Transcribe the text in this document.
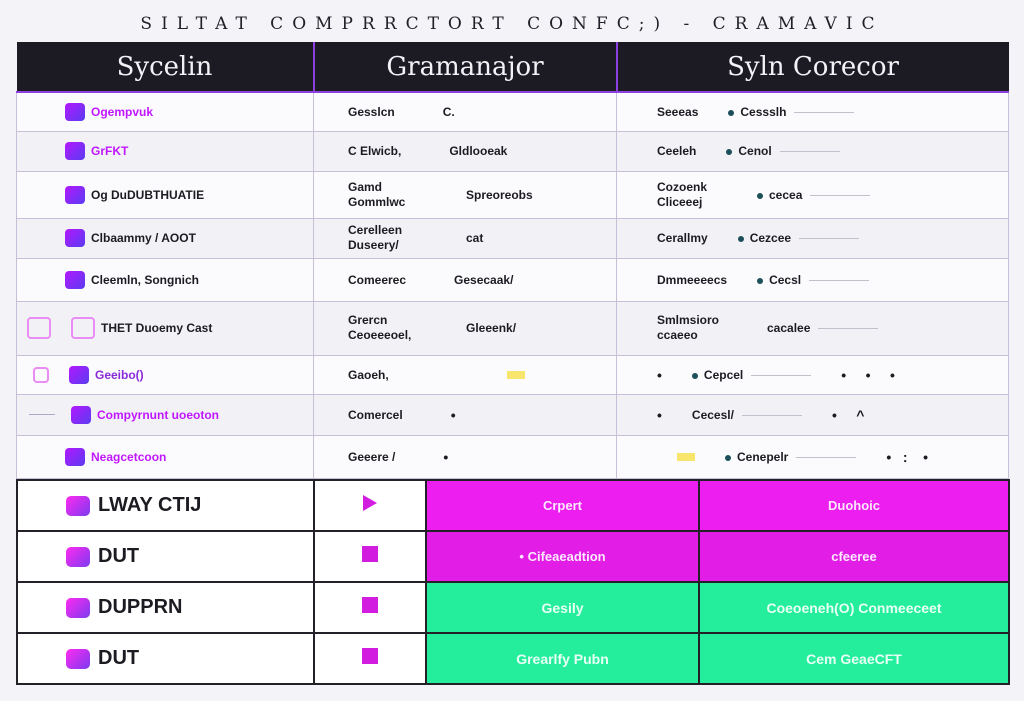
SILTAT COMPRRCTORT CONFC;) - CRAMAVIC
Sycelin	Gramanajor	Syln Corecor

Ogempvuk	Gesslcn C.	Seeeas Cessslh

GrFKT	C Elwicb, Gldlooeak	Ceeleh Cenol

Og DuDUBTHUATIE	Gamd Gommlwc Spreoreobs	Cozoenk Cliceeej cecea

Clbaammy / AOOT	Cerelleen Duseery/ cat	Cerallmy Cezcee

Cleemln, Songnich	Comeerec Gesecaak/	Dmmeeeecs Cecsl

THET Duoemy Cast	Grercn Ceoeeeoel, Gleeenk/	Smlmsioro ccaeeo cacalee

Geeibo()	Gaoeh,	• Cepcel •     •     •

Compyrnunt uoeoton	Comercel •	• Cecesl/ •     ^

Neagcetcoon	Geeere / •	Cenepelr •   :    •
LWAY CTIJ		Crpert	Duohoic

DUT		• Cifeaeadtion	cfeeree

DUPPRN		Gesily	Coeoeneh(O) Conmeeceet

DUT		Grearlfy Pubn	Cem GeaeCFT
